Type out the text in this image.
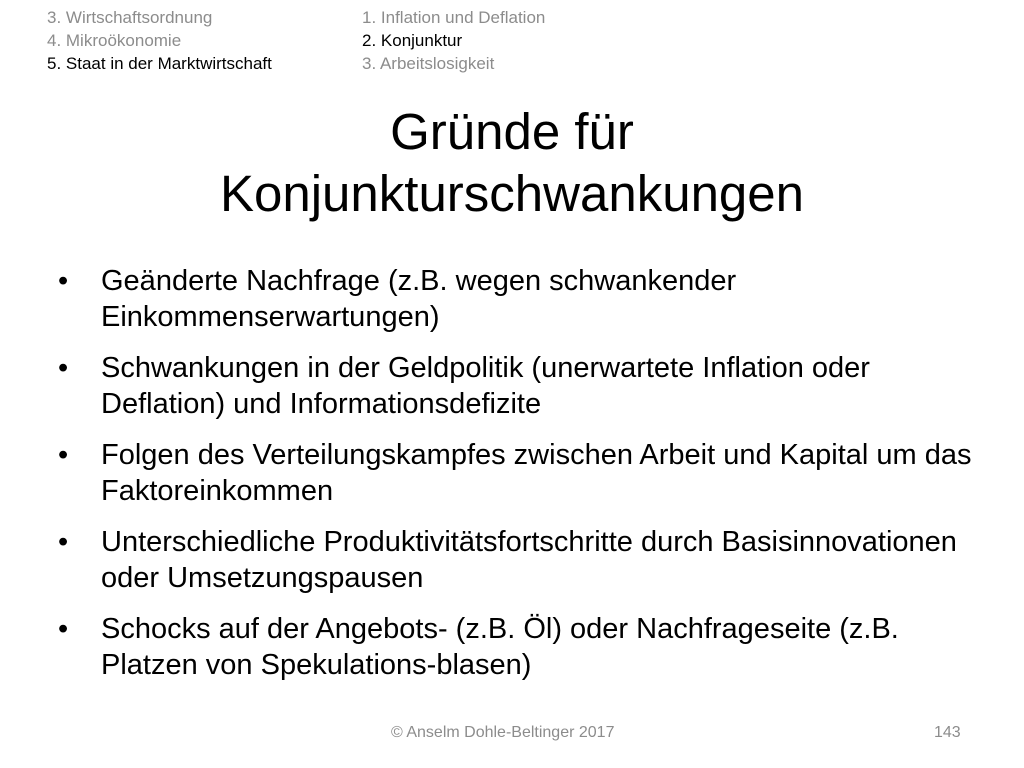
3. Wirtschaftsordnung
4. Mikroökonomie
5. Staat in der Marktwirtschaft
1. Inflation und Deflation
2. Konjunktur
3. Arbeitslosigkeit
Gründe für
Konjunkturschwankungen
• Geänderte Nachfrage (z.B. wegen schwankender Einkommenserwartungen)
• Schwankungen in der Geldpolitik (unerwartete Inflation oder Deflation) und Informationsdefizite
• Folgen des Verteilungskampfes zwischen Arbeit und Kapital um das Faktoreinkommen
• Unterschiedliche Produktivitätsfortschritte durch Basisinnovationen oder Umsetzungspausen
• Schocks auf der Angebots- (z.B. Öl) oder Nachfrageseite (z.B. Platzen von Spekulations-blasen)
© Anselm Dohle-Beltinger 2017	143
